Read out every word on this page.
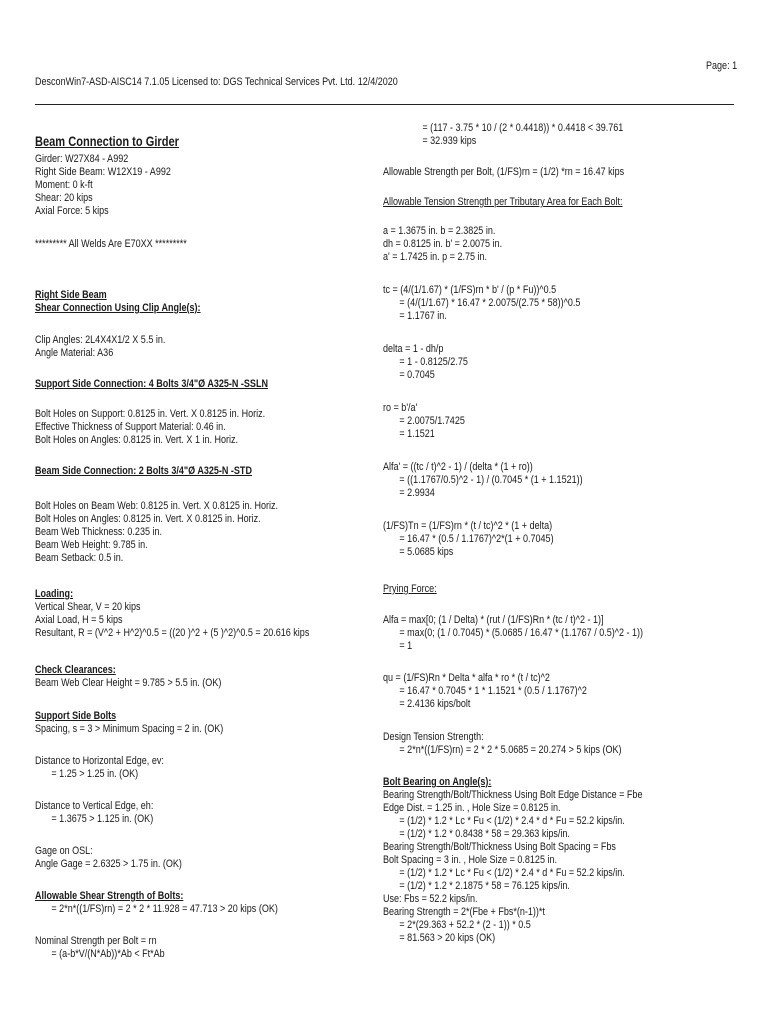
Page: 1
DesconWin7-ASD-AISC14 7.1.05 Licensed to: DGS Technical Services Pvt. Ltd. 12/4/2020
Beam Connection to Girder
Girder: W27X84 - A992
Right Side Beam: W12X19 - A992
Moment: 0 k-ft
Shear: 20 kips
Axial Force: 5 kips
********* All Welds Are E70XX *********
Right Side Beam
Shear Connection Using Clip Angle(s):
Clip Angles: 2L4X4X1/2 X 5.5 in.
Angle Material: A36
Support Side Connection: 4 Bolts 3/4"Ø A325-N -SSLN
Bolt Holes on Support: 0.8125 in. Vert. X 0.8125 in. Horiz.
Effective Thickness of Support Material: 0.46 in.
Bolt Holes on Angles: 0.8125 in. Vert. X 1 in. Horiz.
Beam Side Connection: 2 Bolts 3/4"Ø A325-N -STD
Bolt Holes on Beam Web: 0.8125 in. Vert. X 0.8125 in. Horiz.
Bolt Holes on Angles: 0.8125 in. Vert. X 0.8125 in. Horiz.
Beam Web Thickness: 0.235 in.
Beam Web Height: 9.785 in.
Beam Setback: 0.5 in.
Loading:
Vertical Shear, V = 20 kips
Axial Load, H = 5 kips
Resultant, R = (V^2 + H^2)^0.5 = ((20 )^2 + (5 )^2)^0.5 = 20.616 kips
Check Clearances:
Beam Web Clear Height = 9.785 > 5.5 in. (OK)
Support Side Bolts
Spacing, s = 3 > Minimum Spacing = 2 in. (OK)
Distance to Horizontal Edge, ev:
= 1.25 > 1.25 in. (OK)
Distance to Vertical Edge, eh:
= 1.3675 > 1.125 in. (OK)
Gage on OSL:
Angle Gage = 2.6325 > 1.75 in. (OK)
Allowable Shear Strength of Bolts:
= 2*n*((1/FS)rn) = 2 * 2 * 11.928 = 47.713 > 20 kips (OK)
Nominal Strength per Bolt = rn
= (a-b*V/(N*Ab))*Ab < Ft*Ab
= (117 - 3.75 * 10 / (2 * 0.4418)) * 0.4418 < 39.761
= 32.939 kips
Allowable Strength per Bolt, (1/FS)rn = (1/2) *rn = 16.47 kips
Allowable Tension Strength per Tributary Area for Each Bolt:
a = 1.3675 in. b = 2.3825 in.
dh = 0.8125 in. b' = 2.0075 in.
a' = 1.7425 in. p = 2.75 in.
tc = (4/(1/1.67) * (1/FS)rn * b' / (p * Fu))^0.5
= (4/(1/1.67) * 16.47 * 2.0075/(2.75 * 58))^0.5
= 1.1767 in.
delta = 1 - dh/p
= 1 - 0.8125/2.75
= 0.7045
ro = b'/a'
= 2.0075/1.7425
= 1.1521
Alfa' = ((tc / t)^2 - 1) / (delta * (1 + ro))
= ((1.1767/0.5)^2 - 1) / (0.7045 * (1 + 1.1521))
= 2.9934
(1/FS)Tn = (1/FS)rn * (t / tc)^2 * (1 + delta)
= 16.47 * (0.5 / 1.1767)^2*(1 + 0.7045)
= 5.0685 kips
Prying Force:
Alfa = max[0; (1 / Delta) * (rut / (1/FS)Rn * (tc / t)^2 - 1)]
= max(0; (1 / 0.7045) * (5.0685 / 16.47 * (1.1767 / 0.5)^2 - 1))
= 1
qu = (1/FS)Rn * Delta * alfa * ro * (t / tc)^2
= 16.47 * 0.7045 * 1 * 1.1521 * (0.5 / 1.1767)^2
= 2.4136 kips/bolt
Design Tension Strength:
= 2*n*((1/FS)rn) = 2 * 2 * 5.0685 = 20.274 > 5 kips (OK)
Bolt Bearing on Angle(s):
Bearing Strength/Bolt/Thickness Using Bolt Edge Distance = Fbe
Edge Dist. = 1.25 in. , Hole Size = 0.8125 in.
= (1/2) * 1.2 * Lc * Fu < (1/2) * 2.4 * d * Fu = 52.2 kips/in.
= (1/2) * 1.2 * 0.8438 * 58 = 29.363 kips/in.
Bearing Strength/Bolt/Thickness Using Bolt Spacing = Fbs
Bolt Spacing = 3 in. , Hole Size = 0.8125 in.
= (1/2) * 1.2 * Lc * Fu < (1/2) * 2.4 * d * Fu = 52.2 kips/in.
= (1/2) * 1.2 * 2.1875 * 58 = 76.125 kips/in.
Use: Fbs = 52.2 kips/in.
Bearing Strength = 2*(Fbe + Fbs*(n-1))*t
= 2*(29.363 + 52.2 * (2 - 1)) * 0.5
= 81.563 > 20 kips (OK)
